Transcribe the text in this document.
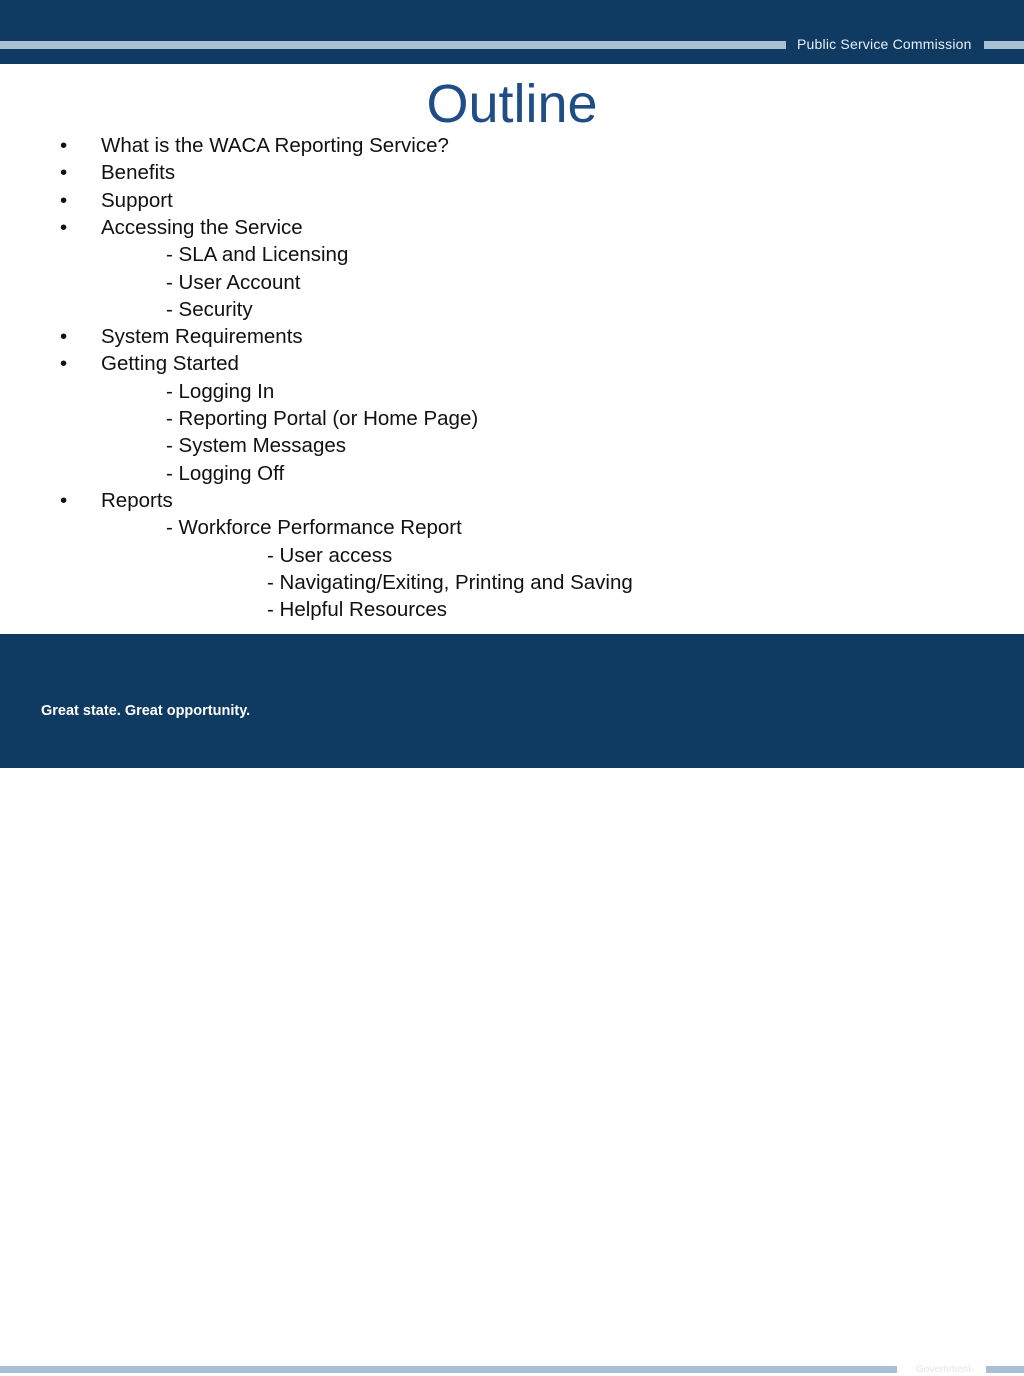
Public Service Commission
Outline
• What is the WACA Reporting Service?
• Benefits
• Support
• Accessing the Service
- SLA and Licensing
- User Account
- Security
• System Requirements
• Getting Started
- Logging In
- Reporting Portal (or Home Page)
- System Messages
- Logging Off
• Reports
- Workforce Performance Report
- User access
- Navigating/Exiting, Printing and Saving
- Helpful Resources
Queensland
Government
Great state. Great opportunity.
